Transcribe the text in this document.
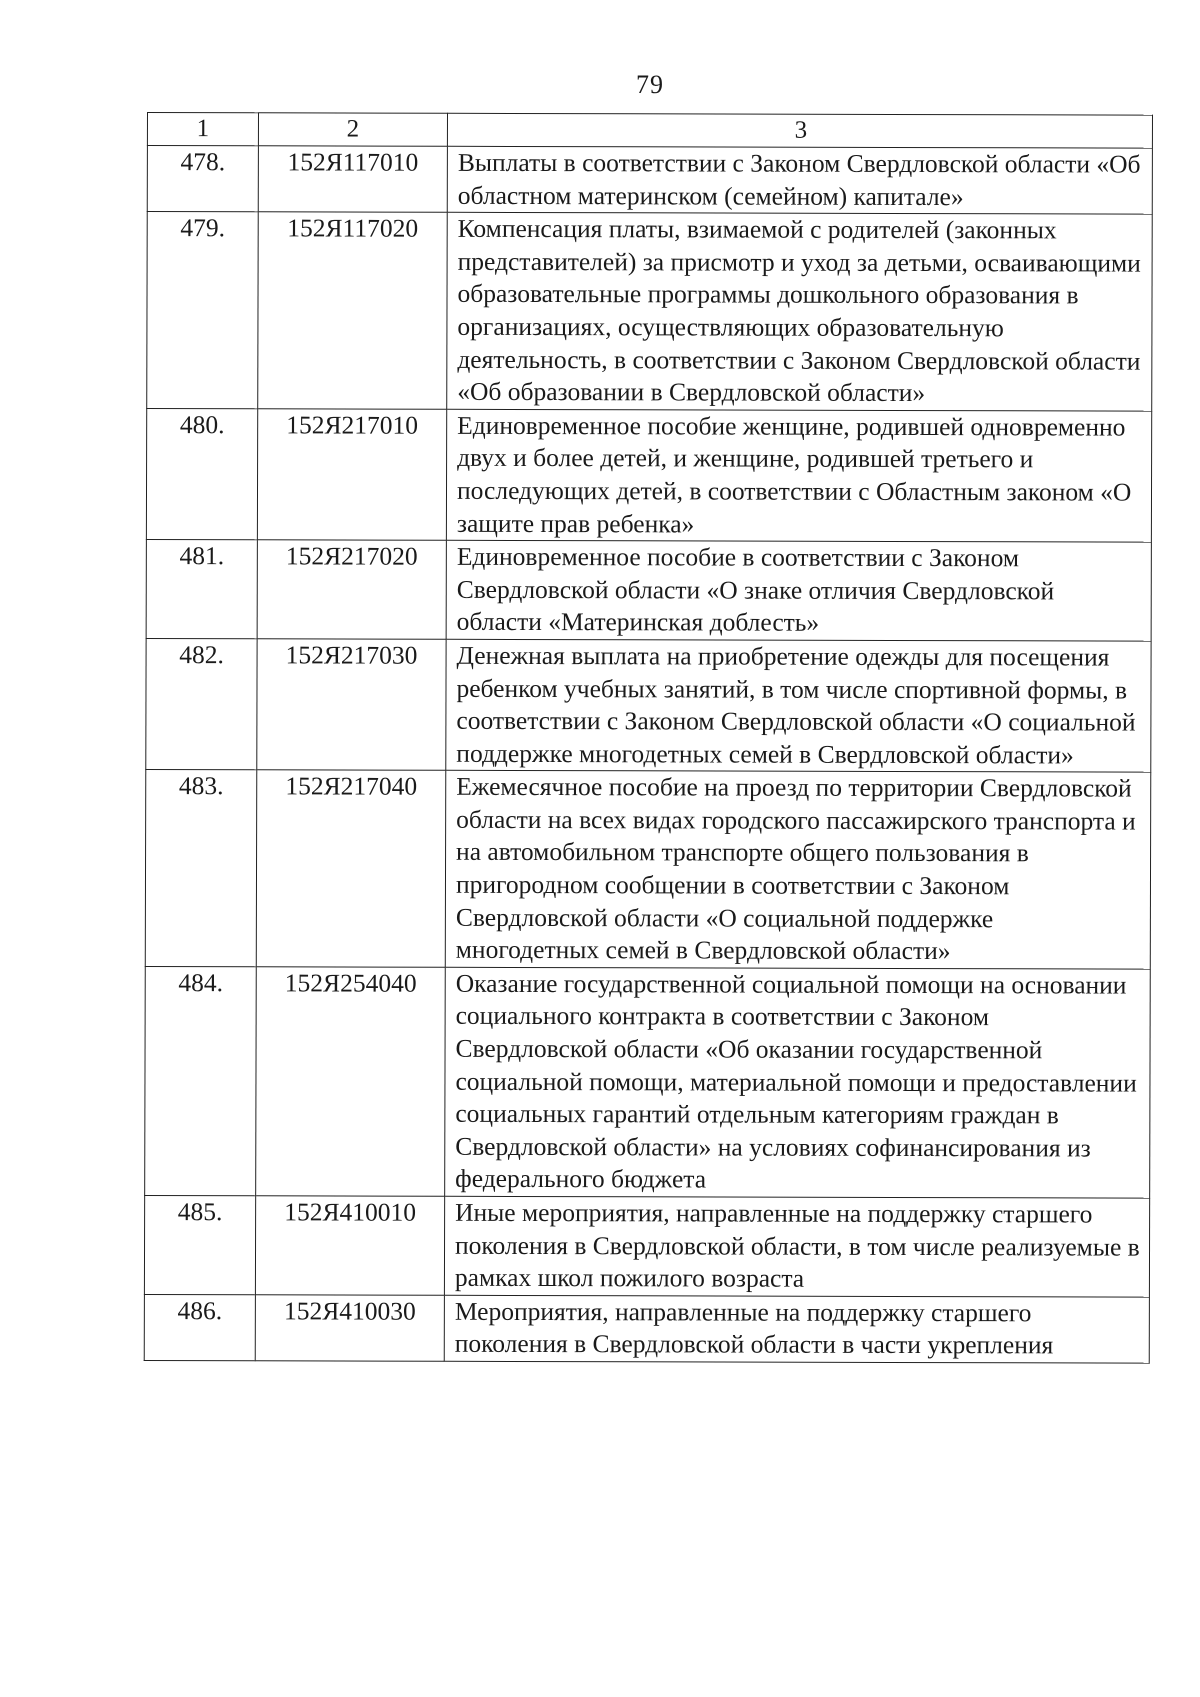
79
1	2	3
478.	152Я117010	Выплаты в соответствии с Законом Свердловской области «Об областном материнском (семейном) капитале»
479.	152Я117020	Компенсация платы, взимаемой с родителей (законных представителей) за присмотр и уход за детьми, осваивающими образовательные программы дошкольного образования в организациях, осуществляющих образовательную деятельность, в соответствии с Законом Свердловской области «Об образовании в Свердловской области»
480.	152Я217010	Единовременное пособие женщине, родившей одновременно двух и более детей, и женщине, родившей третьего и последующих детей, в соответствии с Областным законом «О защите прав ребенка»
481.	152Я217020	Единовременное пособие в соответствии с Законом Свердловской области «О знаке отличия Свердловской области «Материнская доблесть»
482.	152Я217030	Денежная выплата на приобретение одежды для посещения ребенком учебных занятий, в том числе спортивной формы, в соответствии с Законом Свердловской области «О социальной поддержке многодетных семей в Свердловской области»
483.	152Я217040	Ежемесячное пособие на проезд по территории Свердловской области на всех видах городского пассажирского транспорта и на автомобильном транспорте общего пользования в пригородном сообщении в соответствии с Законом Свердловской области «О социальной поддержке многодетных семей в Свердловской области»
484.	152Я254040	Оказание государственной социальной помощи на основании социального контракта в соответствии с Законом Свердловской области «Об оказании государственной социальной помощи, материальной помощи и предоставлении социальных гарантий отдельным категориям граждан в Свердловской области» на условиях софинансирования из федерального бюджета
485.	152Я410010	Иные мероприятия, направленные на поддержку старшего поколения в Свердловской области, в том числе реализуемые в рамках школ пожилого возраста
486.	152Я410030	Мероприятия, направленные на поддержку старшего поколения в Свердловской области в части укрепления
